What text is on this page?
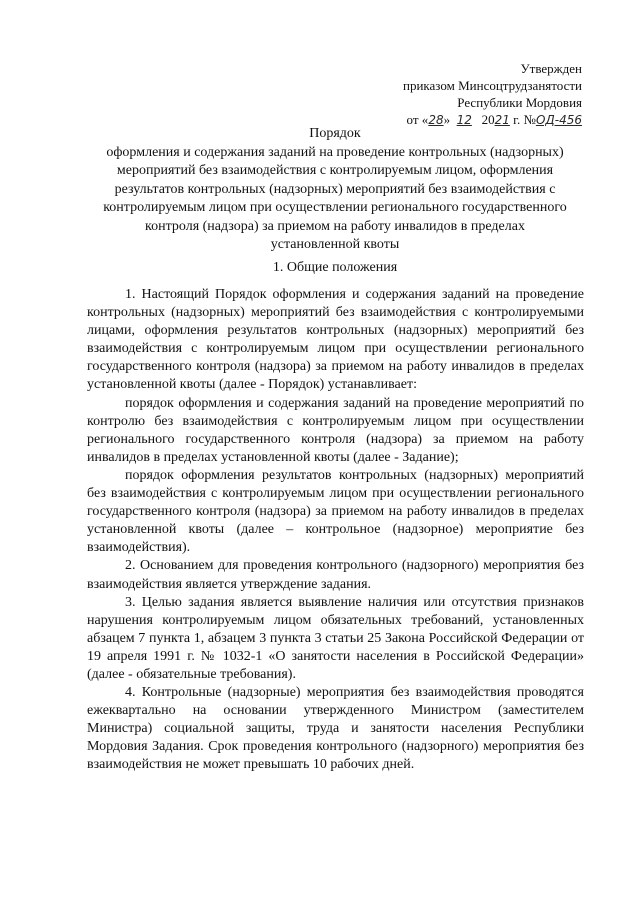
Утвержден
приказом Минсоцтрудзанятости
Республики Мордовия
от «28» 12 2021 г. №ОД-456
Порядок
оформления и содержания заданий на проведение контрольных (надзорных)
мероприятий без взаимодействия с контролируемым лицом, оформления
результатов контрольных (надзорных) мероприятий без взаимодействия с
контролируемым лицом при осуществлении регионального государственного
контроля (надзора) за приемом на работу инвалидов в пределах
установленной квоты
1. Общие положения

1. Настоящий Порядок оформления и содержания заданий на проведение контрольных (надзорных) мероприятий без взаимодействия с контролируемыми лицами, оформления результатов контрольных (надзорных) мероприятий без взаимодействия с контролируемым лицом при осуществлении регионального государственного контроля (надзора) за приемом на работу инвалидов в пределах установленной квоты (далее - Порядок) устанавливает:

порядок оформления и содержания заданий на проведение мероприятий по контролю без взаимодействия с контролируемым лицом при осуществлении регионального государственного контроля (надзора) за приемом на работу инвалидов в пределах установленной квоты (далее - Задание);

порядок оформления результатов контрольных (надзорных) мероприятий без взаимодействия с контролируемым лицом при осуществлении регионального государственного контроля (надзора) за приемом на работу инвалидов в пределах установленной квоты (далее – контрольное (надзорное) мероприятие без взаимодействия).

2. Основанием для проведения контрольного (надзорного) мероприятия без взаимодействия является утверждение задания.

3. Целью задания является выявление наличия или отсутствия признаков нарушения контролируемым лицом обязательных требований, установленных абзацем 7 пункта 1, абзацем 3 пункта 3 статьи 25 Закона Российской Федерации от 19 апреля 1991 г. № 1032-1 «О занятости населения в Российской Федерации» (далее - обязательные требования).

4. Контрольные (надзорные) мероприятия без взаимодействия проводятся ежеквартально на основании утвержденного Министром (заместителем Министра) социальной защиты, труда и занятости населения Республики Мордовия Задания. Срок проведения контрольного (надзорного) мероприятия без взаимодействия не может превышать 10 рабочих дней.
